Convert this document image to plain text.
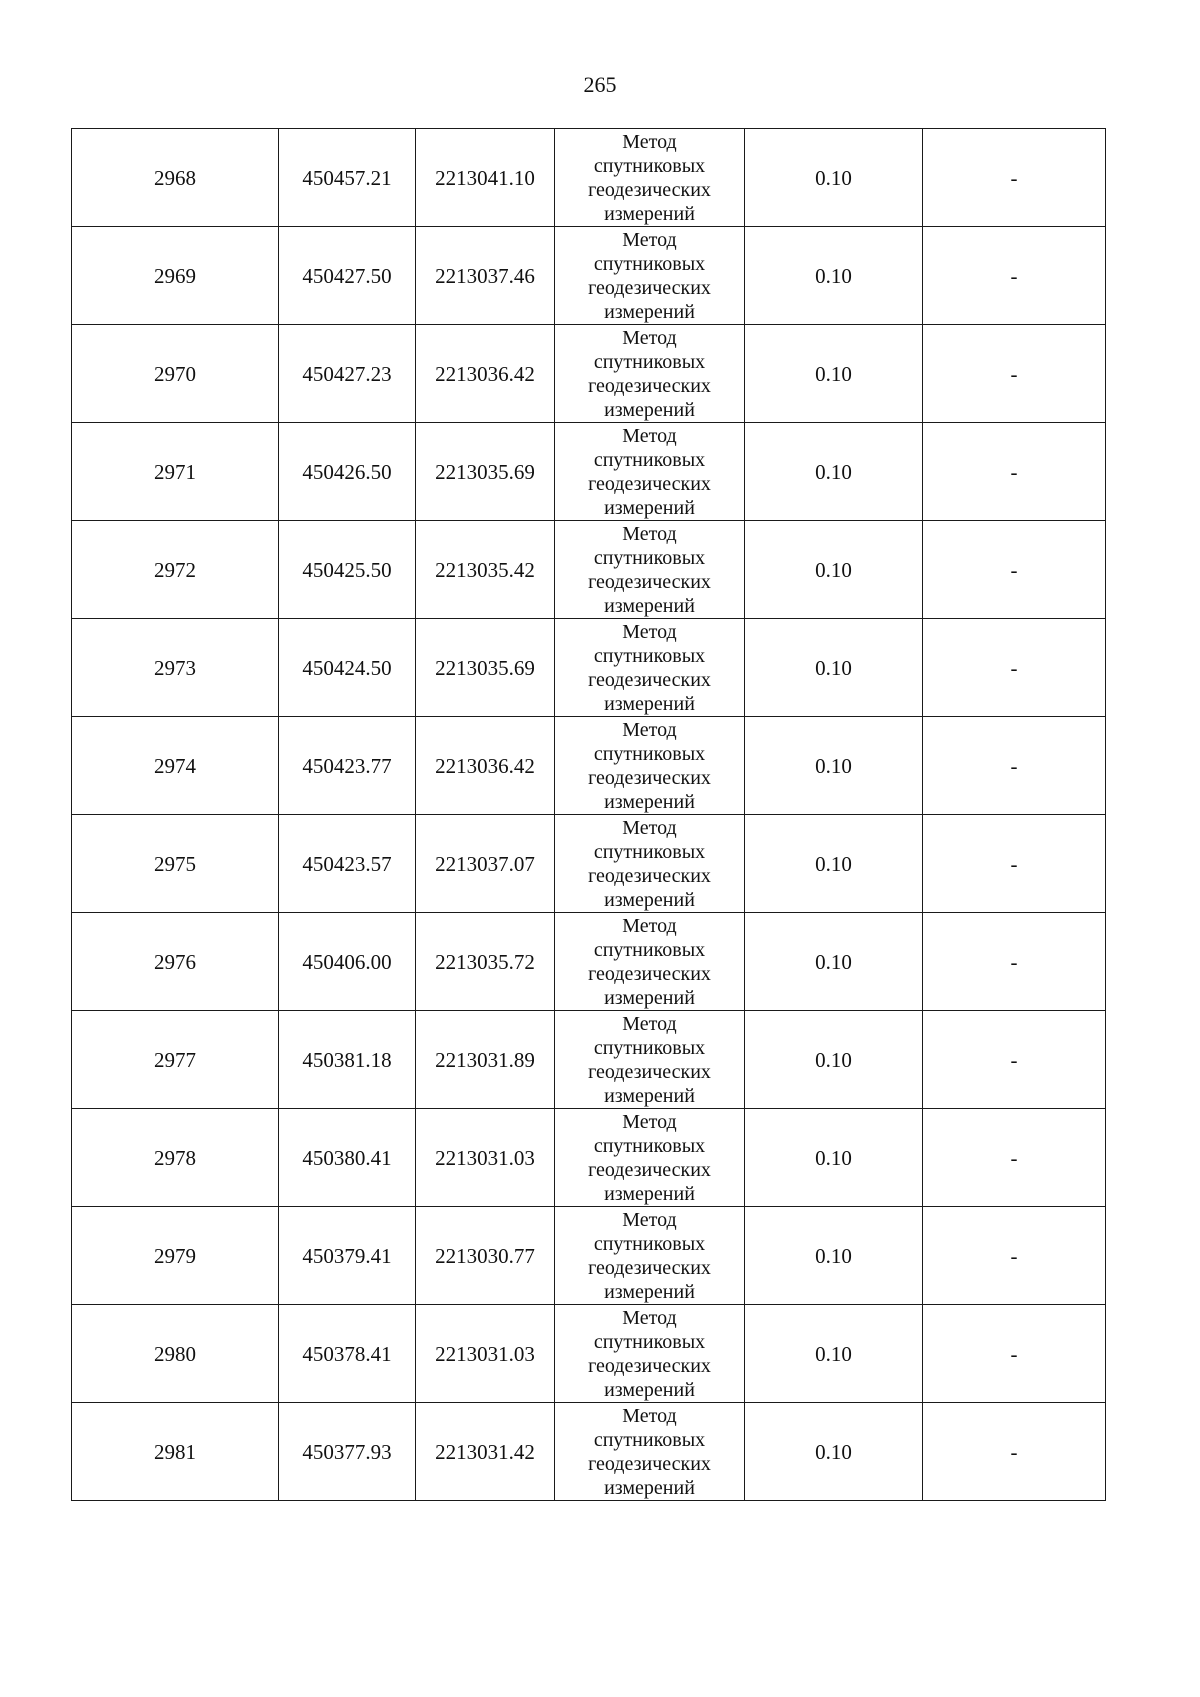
265
2968	450457.21	2213041.10	Метод
спутниковых
геодезических
измерений	0.10	-
2969	450427.50	2213037.46	Метод
спутниковых
геодезических
измерений	0.10	-
2970	450427.23	2213036.42	Метод
спутниковых
геодезических
измерений	0.10	-
2971	450426.50	2213035.69	Метод
спутниковых
геодезических
измерений	0.10	-
2972	450425.50	2213035.42	Метод
спутниковых
геодезических
измерений	0.10	-
2973	450424.50	2213035.69	Метод
спутниковых
геодезических
измерений	0.10	-
2974	450423.77	2213036.42	Метод
спутниковых
геодезических
измерений	0.10	-
2975	450423.57	2213037.07	Метод
спутниковых
геодезических
измерений	0.10	-
2976	450406.00	2213035.72	Метод
спутниковых
геодезических
измерений	0.10	-
2977	450381.18	2213031.89	Метод
спутниковых
геодезических
измерений	0.10	-
2978	450380.41	2213031.03	Метод
спутниковых
геодезических
измерений	0.10	-
2979	450379.41	2213030.77	Метод
спутниковых
геодезических
измерений	0.10	-
2980	450378.41	2213031.03	Метод
спутниковых
геодезических
измерений	0.10	-
2981	450377.93	2213031.42	Метод
спутниковых
геодезических
измерений	0.10	-
